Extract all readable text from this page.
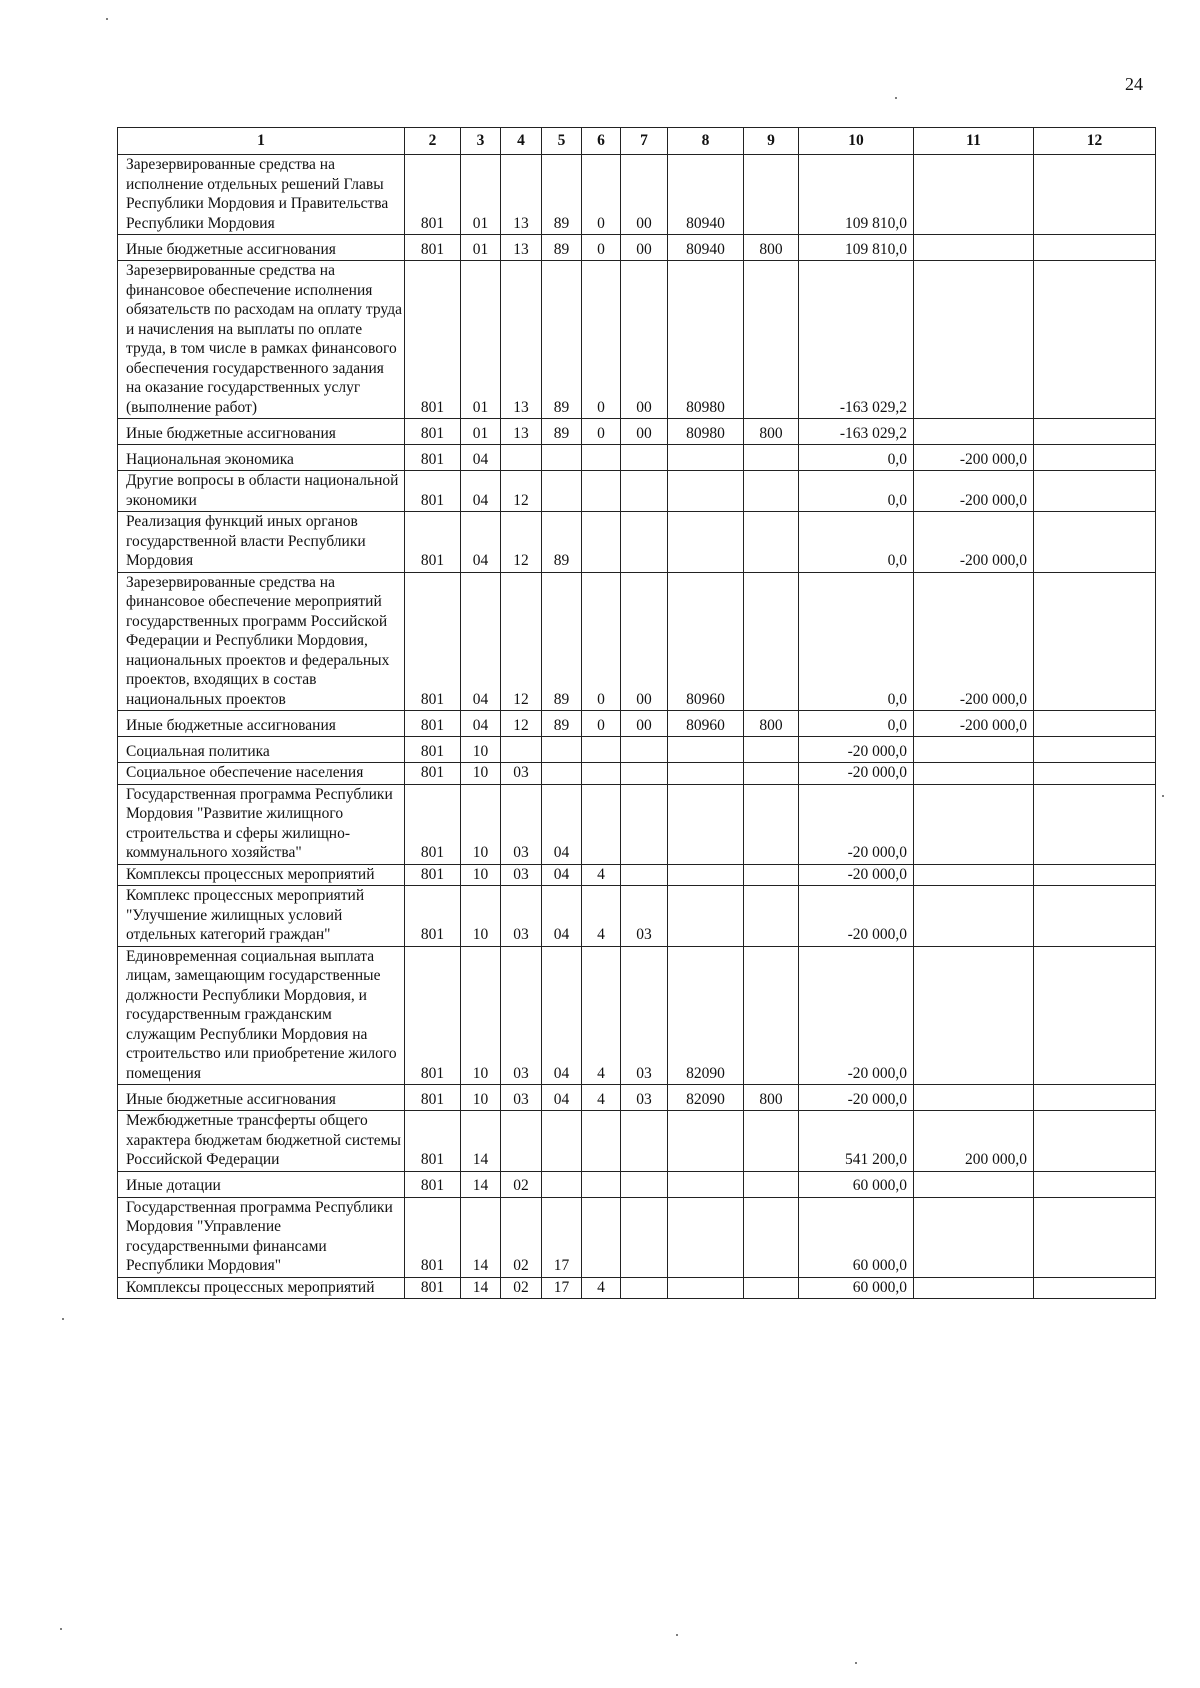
24
1	2	3	4	5	6	7	8	9	10	11	12
Зарезервированные средства на исполнение отдельных решений Главы Республики Мордовия и Правительства Республики Мордовия	801	01	13	89	0	00	80940		109 810,0		
Иные бюджетные ассигнования	801	01	13	89	0	00	80940	800	109 810,0		
Зарезервированные средства на финансовое обеспечение исполнения обязательств по расходам на оплату труда и начисления на выплаты по оплате труда, в том числе в рамках финансового обеспечения государственного задания на оказание государственных услуг (выполнение работ)	801	01	13	89	0	00	80980		-163 029,2		
Иные бюджетные ассигнования	801	01	13	89	0	00	80980	800	-163 029,2		
Национальная экономика	801	04							0,0	-200 000,0	
Другие вопросы в области национальной экономики	801	04	12						0,0	-200 000,0	
Реализация функций иных органов государственной власти Республики Мордовия	801	04	12	89					0,0	-200 000,0	
Зарезервированные средства на финансовое обеспечение мероприятий государственных программ Российской Федерации и Республики Мордовия, национальных проектов и федеральных проектов, входящих в состав национальных проектов	801	04	12	89	0	00	80960		0,0	-200 000,0	
Иные бюджетные ассигнования	801	04	12	89	0	00	80960	800	0,0	-200 000,0	
Социальная политика	801	10							-20 000,0		
Социальное обеспечение населения	801	10	03						-20 000,0		
Государственная программа Республики Мордовия "Развитие жилищного строительства и сферы жилищно-коммунального хозяйства"	801	10	03	04					-20 000,0		
Комплексы процессных мероприятий	801	10	03	04	4				-20 000,0		
Комплекс процессных мероприятий "Улучшение жилищных условий отдельных категорий граждан"	801	10	03	04	4	03			-20 000,0		
Единовременная социальная выплата лицам, замещающим государственные должности Республики Мордовия, и государственным гражданским служащим Республики Мордовия на строительство или приобретение жилого помещения	801	10	03	04	4	03	82090		-20 000,0		
Иные бюджетные ассигнования	801	10	03	04	4	03	82090	800	-20 000,0		
Межбюджетные трансферты общего характера бюджетам бюджетной системы Российской Федерации	801	14							541 200,0	200 000,0	
Иные дотации	801	14	02						60 000,0		
Государственная программа Республики Мордовия "Управление государственными финансами Республики Мордовия"	801	14	02	17					60 000,0		
Комплексы процессных мероприятий	801	14	02	17	4				60 000,0		
